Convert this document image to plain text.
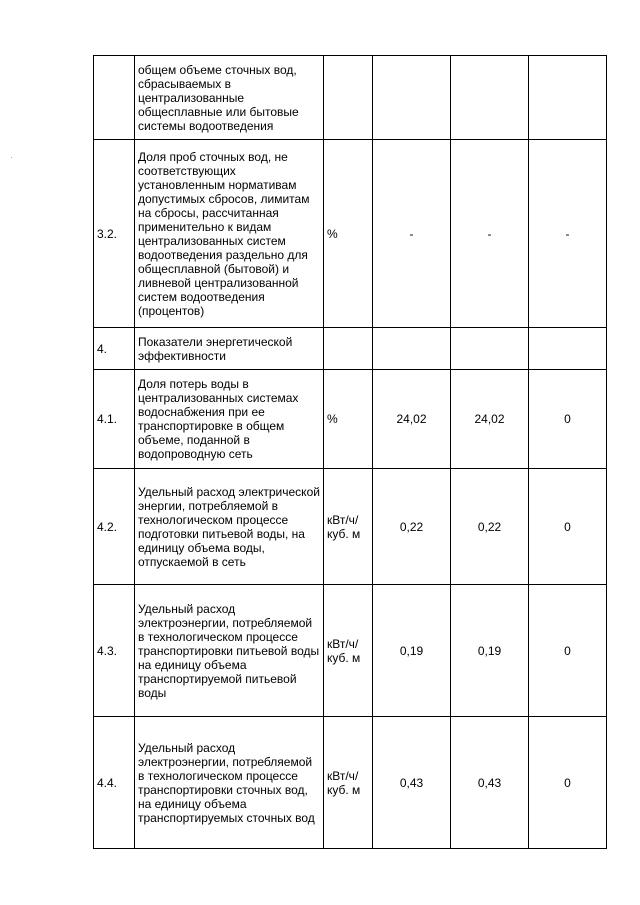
·

	общем объеме сточных вод, сбрасываемых в централизованные общесплавные или бытовые системы водоотведения				

3.2.	Доля проб сточных вод, не соответствующих установленным нормативам допустимых сбросов, лимитам на сбросы, рассчитанная применительно к видам централизованных систем водоотведения раздельно для общесплавной (бытовой) и ливневой централизованной систем водоотведения (процентов)	%	-	-	-
4.	Показатели энергетической эффективности				

4.1.	Доля потерь воды в централизованных системах водоснабжения при ее транспортировке в общем объеме, поданной в водопроводную сеть	%	24,02	24,02	0
4.2.	Удельный расход электрической энергии, потребляемой в технологическом процессе подготовки питьевой воды, на единицу объема воды, отпускаемой в сеть	кВт/ч/куб. м	0,22	0,22	0
4.3.	Удельный расход электроэнергии, потребляемой в технологическом процессе транспортировки питьевой воды на единицу объема транспортируемой питьевой воды	кВт/ч/куб. м	0,19	0,19	0
4.4.	Удельный расход электроэнергии, потребляемой в технологическом процессе транспортировки сточных вод, на единицу объема транспортируемых сточных вод	кВт/ч/куб. м	0,43	0,43	0
